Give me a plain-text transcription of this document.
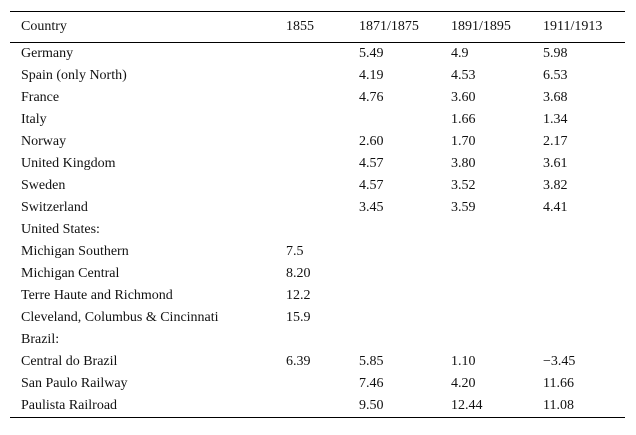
Country	1855	1871/1875	1891/1895	1911/1913
Germany		5.49	4.9	5.98
Spain (only North)		4.19	4.53	6.53
France		4.76	3.60	3.68
Italy			1.66	1.34
Norway		2.60	1.70	2.17
United Kingdom		4.57	3.80	3.61
Sweden		4.57	3.52	3.82
Switzerland		3.45	3.59	4.41
United States:				
Michigan Southern	7.5			
Michigan Central	8.20			
Terre Haute and Richmond	12.2			
Cleveland, Columbus & Cincinnati	15.9			
Brazil:				
Central do Brazil	6.39	5.85	1.10	−3.45
San Paulo Railway		7.46	4.20	11.66
Paulista Railroad		9.50	12.44	11.08
